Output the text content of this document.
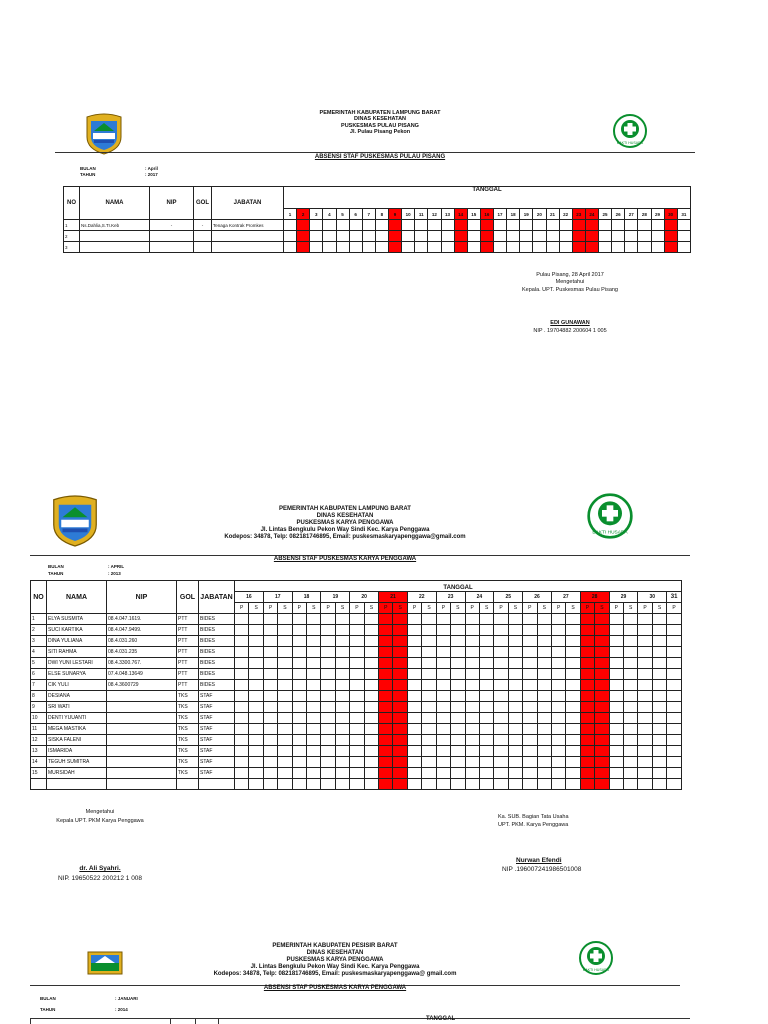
BAKTI HUSADA
PEMERINTAH KABUPATEN LAMPUNG BARAT
DINAS KESEHATAN
PUSKESMAS PULAU PISANG
Jl. Pulau Pisang Pekon
ABSENSI STAF PUSKESMAS PULAU PISANG
BULAN	: April
TAHUN	: 2017
NO	NAMA	NIP	GOL	JABATAN	TANGGAL																														
					1	2	3	4	5	6	7	8	9	10	11	12	13	14	15	16	17	18	19	20	21	22	23	24	25	26	27	28	29	30	31
1	Ns.Dahlia,S.Tr.Keb	-	-	Tenaga Kontrak Promkes																															
2																																			
3																																			
Pulau Pisang, 28 April 2017
Mengetahui
Kepala. UPT. Puskesmas Pulau Pisang
EDI GUNAWAN
NIP . 19704882 200604 1 005
BAKTI HUSADA
PEMERINTAH KABUPATEN LAMPUNG BARAT
DINAS KESEHATAN
PUSKESMAS KARYA PENGGAWA
Jl. Lintas Bengkulu Pekon Way Sindi Kec. Karya Penggawa
Kodepos: 34878, Telp: 082181746895, Email: puskesmaskaryapenggawa@gmail.com
ABSENSI STAF PUSKESMAS KARYA PENGGAWA
BULAN	: APRIL
TAHUN	: 2013
NO	NAMA	NIP	GOL	JABATAN	TANGGAL																														
					16		17		18		19		20		21		22		23		24		25		26		27		28		29		30		31
					P	S	P	S	P	S	P	S	P	S	P	S	P	S	P	S	P	S	P	S	P	S	P	S	P	S	P	S	P	S	P
1	ELYA SUSMITA	08.4.047.1619.	PTT	BIDES																															
2	SUCI KARTIKA	08.4.047.9499.	PTT	BIDES																															
3	DINA YULIANA	08.4.031.260	PTT	BIDES																															
4	SITI RAHMA	08.4.031.235	PTT	BIDES																															
5	DWI YUNI LESTARI	08.4.3300.767.	PTT	BIDES																															
6	ELSE SUNARYA	07.4.048.13649	PTT	BIDES																															
7	CIK YULI	08.4.3600729	PTT	BIDES																															
8	DESIANA		TKS	STAF																															
9	SRI WATI		TKS	STAF																															
10	DENTI YUUANTI		TKS	STAF																															
11	MEGA MASTIKA		TKS	STAF																															
12	SISKA FALENI		TKS	STAF																															
13	ISMARIDA		TKS	STAF																															
14	TEGUH SUMITRA		TKS	STAF																															
15	MURSIDAH		TKS	STAF																															

Mengetahui
Kepala UPT. PKM Karya Penggawa
dr. Ali Syahri.
NIP. 19650522 200212 1 008
Ka. SUB. Bagian Tata Usaha
UPT. PKM. Karya Penggawa
Nurwan Efendi
NIP .196007241986501008
BAKTI HUSADA
PEMERINTAH KABUPATEN PESISIR BARAT
DINAS KESEHATAN
PUSKESMAS KARYA PENGGAWA
Jl. Lintas Bengkulu Pekon Way Sindi Kec. Karya Penggawa
Kodepos: 34878, Telp: 082181746895, Email: puskesmaskaryapenggawa@ gmail.com
ABSENSI STAF PUSKESMAS KARYA PENGGAWA
BULAN	: JANUARI
TAHUN	: 2014
TANGGAL
